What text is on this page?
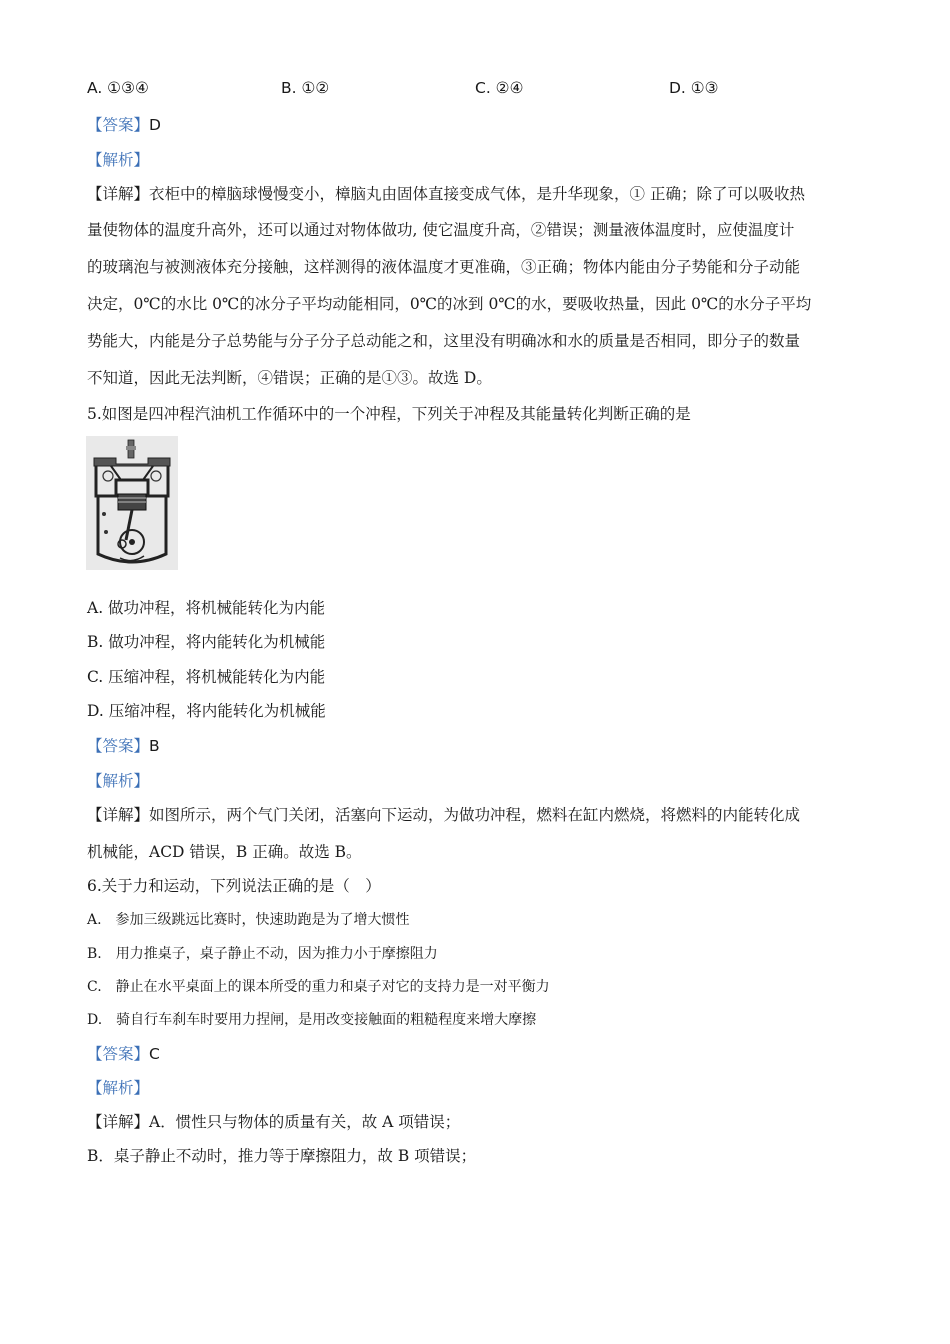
A. ①③④	B. ①②	C. ②④	D. ①③
【答案】D
【解析】
【详解】衣柜中的樟脑球慢慢变小，樟脑丸由固体直接变成气体，是升华现象，① 正确；除了可以吸收热
量使物体的温度升高外，还可以通过对物体做功, 使它温度升高，②错误；测量液体温度时，应使温度计
的玻璃泡与被测液体充分接触，这样测得的液体温度才更准确，③正确；物体内能由分子势能和分子动能
决定，0℃的水比 0℃的冰分子平均动能相同，0℃的冰到 0℃的水，要吸收热量，因此 0℃的水分子平均
势能大，内能是分子总势能与分子分子总动能之和，这里没有明确冰和水的质量是否相同，即分子的数量
不知道，因此无法判断，④错误；正确的是①③。故选 D。
5.如图是四冲程汽油机工作循环中的一个冲程，下列关于冲程及其能量转化判断正确的是
A. 做功冲程，将机械能转化为内能
B. 做功冲程，将内能转化为机械能
C. 压缩冲程，将机械能转化为内能
D. 压缩冲程，将内能转化为机械能
【答案】B
【解析】
【详解】如图所示，两个气门关闭，活塞向下运动，为做功冲程，燃料在缸内燃烧，将燃料的内能转化成
机械能，ACD 错误，B 正确。故选 B。
6.关于力和运动，下列说法正确的是（　）
A.　参加三级跳远比赛时，快速助跑是为了增大惯性
B.　用力推桌子，桌子静止不动，因为推力小于摩擦阻力
C.　静止在水平桌面上的课本所受的重力和桌子对它的支持力是一对平衡力
D.　骑自行车刹车时要用力捏闸，是用改变接触面的粗糙程度来增大摩擦
【答案】C
【解析】
【详解】A．惯性只与物体的质量有关，故 A 项错误；
B．桌子静止不动时，推力等于摩擦阻力，故 B 项错误；
